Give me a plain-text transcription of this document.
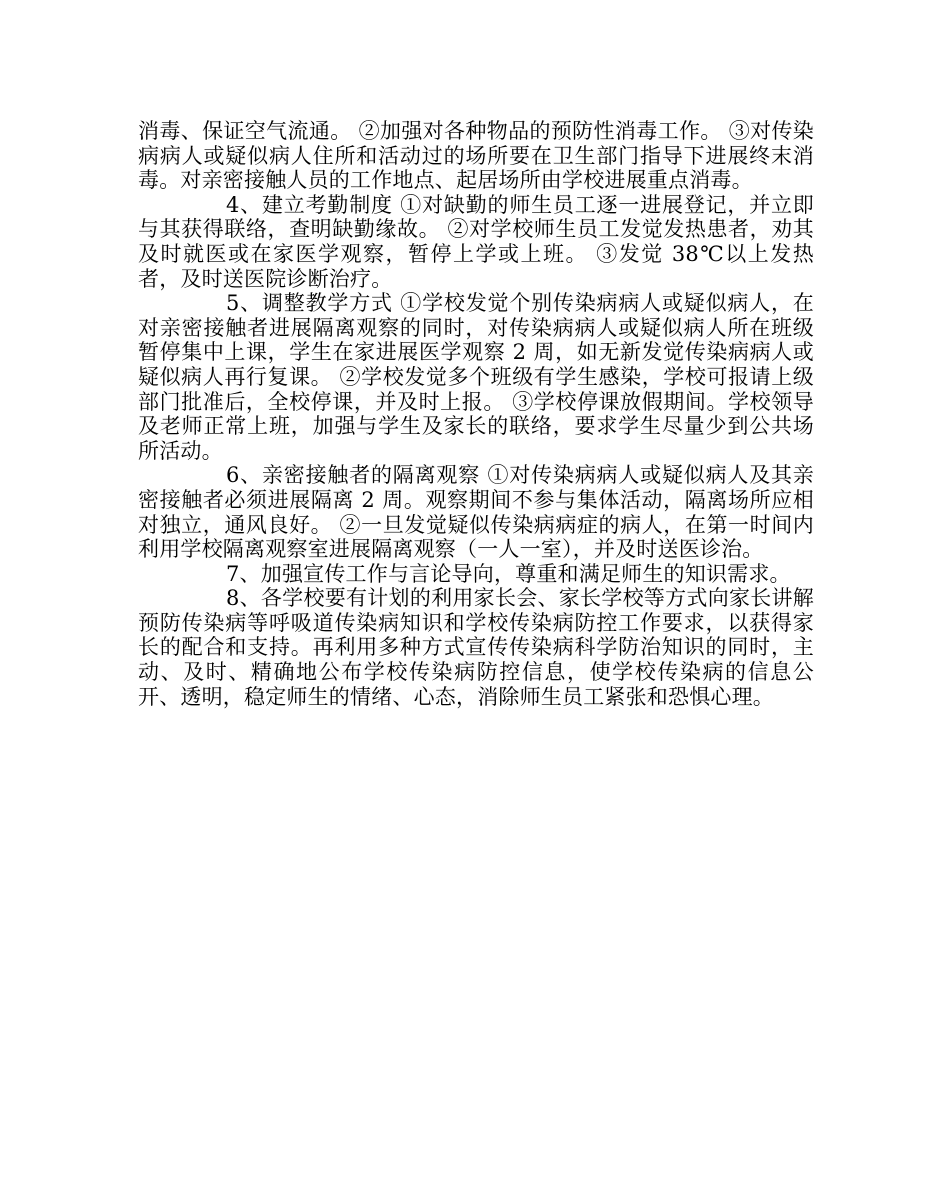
消毒、保证空气流通。 ②加强对各种物品的预防性消毒工作。 ③对传染病病人或疑似病人住所和活动过的场所要在卫生部门指导下进展终末消毒。对亲密接触人员的工作地点、起居场所由学校进展重点消毒。

4、建立考勤制度 ①对缺勤的师生员工逐一进展登记，并立即与其获得联络，查明缺勤缘故。 ②对学校师生员工发觉发热患者，劝其及时就医或在家医学观察，暂停上学或上班。 ③发觉 38℃以上发热者，及时送医院诊断治疗。

5、调整教学方式 ①学校发觉个别传染病病人或疑似病人，在对亲密接触者进展隔离观察的同时，对传染病病人或疑似病人所在班级暂停集中上课，学生在家进展医学观察 2 周，如无新发觉传染病病人或疑似病人再行复课。 ②学校发觉多个班级有学生感染，学校可报请上级部门批准后，全校停课，并及时上报。 ③学校停课放假期间。学校领导及老师正常上班，加强与学生及家长的联络，要求学生尽量少到公共场所活动。

6、亲密接触者的隔离观察 ①对传染病病人或疑似病人及其亲密接触者必须进展隔离 2 周。观察期间不参与集体活动，隔离场所应相对独立，通风良好。 ②一旦发觉疑似传染病病症的病人，在第一时间内利用学校隔离观察室进展隔离观察（一人一室），并及时送医诊治。

7、加强宣传工作与言论导向，尊重和满足师生的知识需求。

8、各学校要有计划的利用家长会、家长学校等方式向家长讲解预防传染病等呼吸道传染病知识和学校传染病防控工作要求，以获得家长的配合和支持。再利用多种方式宣传传染病科学防治知识的同时，主动、及时、精确地公布学校传染病防控信息，使学校传染病的信息公开、透明，稳定师生的情绪、心态，消除师生员工紧张和恐惧心理。
